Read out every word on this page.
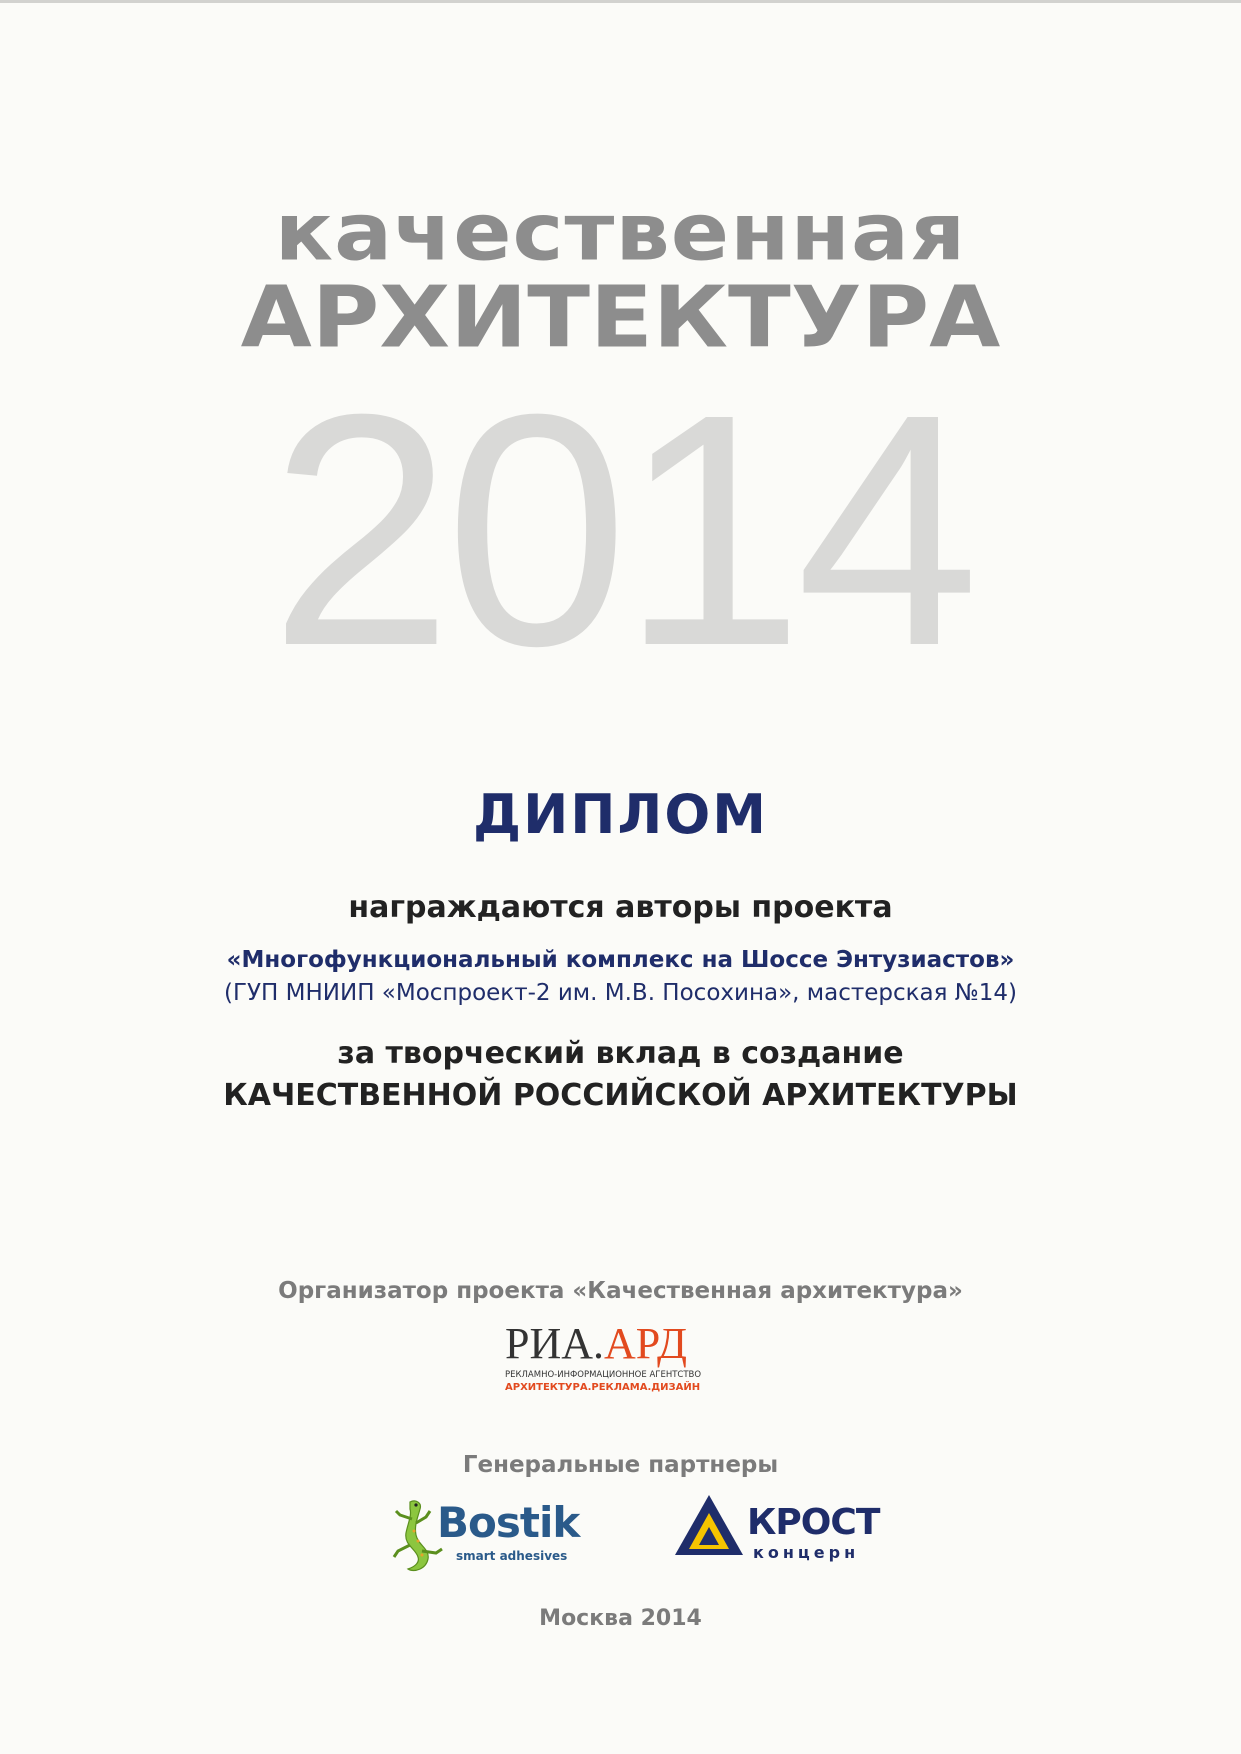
качественная
АРХИТЕКТУРА
2014
ДИПЛОМ
награждаются авторы проекта
«Многофункциональный комплекс на Шоссе Энтузиастов»
(ГУП МНИИП «Моспроект-2 им. М.В. Посохина», мастерская №14)
за творческий вклад в создание
КАЧЕСТВЕННОЙ РОССИЙСКОЙ АРХИТЕКТУРЫ
Организатор проекта «Качественная архитектура»
РИА.АРД
РЕКЛАМНО-ИНФОРМАЦИОННОЕ АГЕНТСТВО
АРХИТЕКТУРА.РЕКЛАМА.ДИЗАЙН
Генеральные партнеры
Bostik
smart adhesives
КРОСТ
концерн
Москва 2014
